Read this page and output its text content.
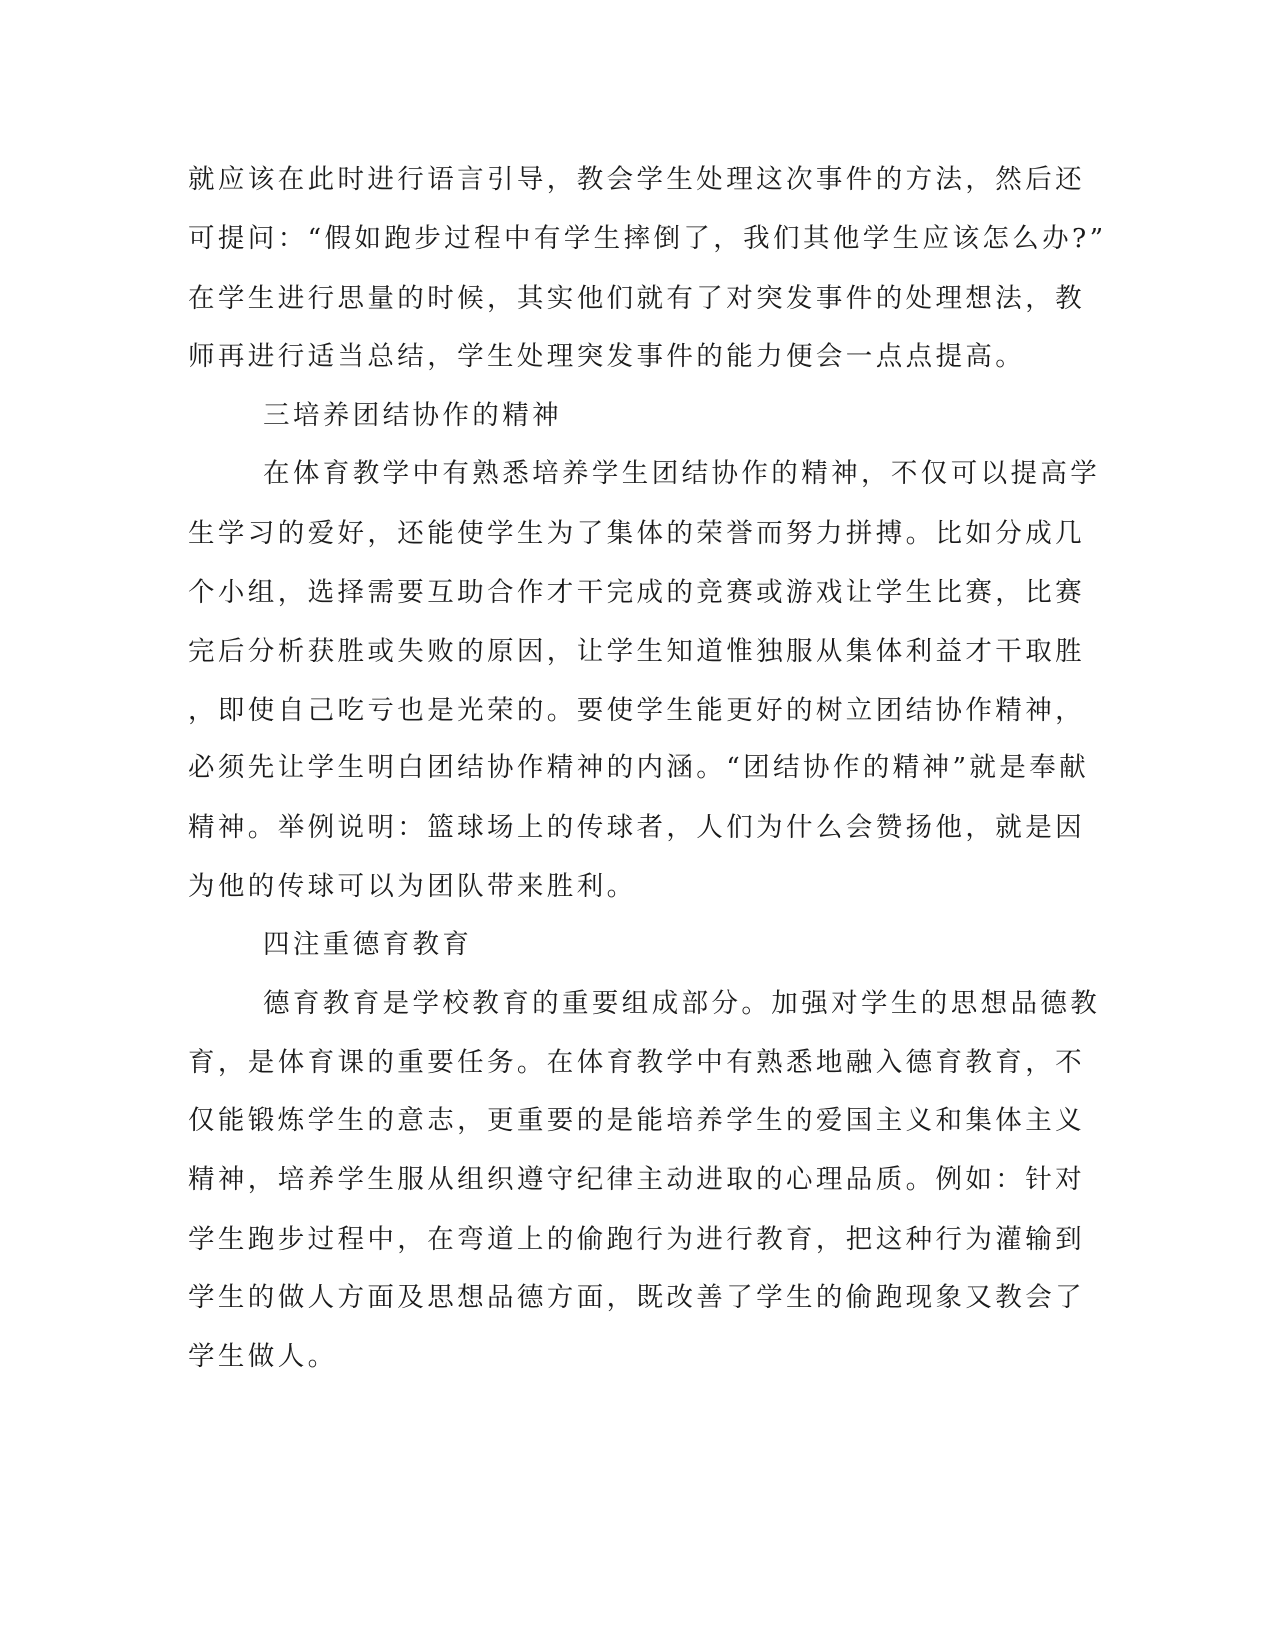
就应该在此时进行语言引导，教会学生处理这次事件的方法，然后还
可提问：“假如跑步过程中有学生摔倒了，我们其他学生应该怎么办?”
在学生进行思量的时候，其实他们就有了对突发事件的处理想法，教
师再进行适当总结，学生处理突发事件的能力便会一点点提高。
三培养团结协作的精神
在体育教学中有熟悉培养学生团结协作的精神，不仅可以提高学
生学习的爱好，还能使学生为了集体的荣誉而努力拼搏。比如分成几
个小组，选择需要互助合作才干完成的竞赛或游戏让学生比赛，比赛
完后分析获胜或失败的原因，让学生知道惟独服从集体利益才干取胜
，即使自己吃亏也是光荣的。要使学生能更好的树立团结协作精神，
必须先让学生明白团结协作精神的内涵。“团结协作的精神”就是奉献
精神。举例说明：篮球场上的传球者，人们为什么会赞扬他，就是因
为他的传球可以为团队带来胜利。
四注重德育教育
德育教育是学校教育的重要组成部分。加强对学生的思想品德教
育，是体育课的重要任务。在体育教学中有熟悉地融入德育教育，不
仅能锻炼学生的意志，更重要的是能培养学生的爱国主义和集体主义
精神，培养学生服从组织遵守纪律主动进取的心理品质。例如：针对
学生跑步过程中，在弯道上的偷跑行为进行教育，把这种行为灌输到
学生的做人方面及思想品德方面，既改善了学生的偷跑现象又教会了
学生做人。
